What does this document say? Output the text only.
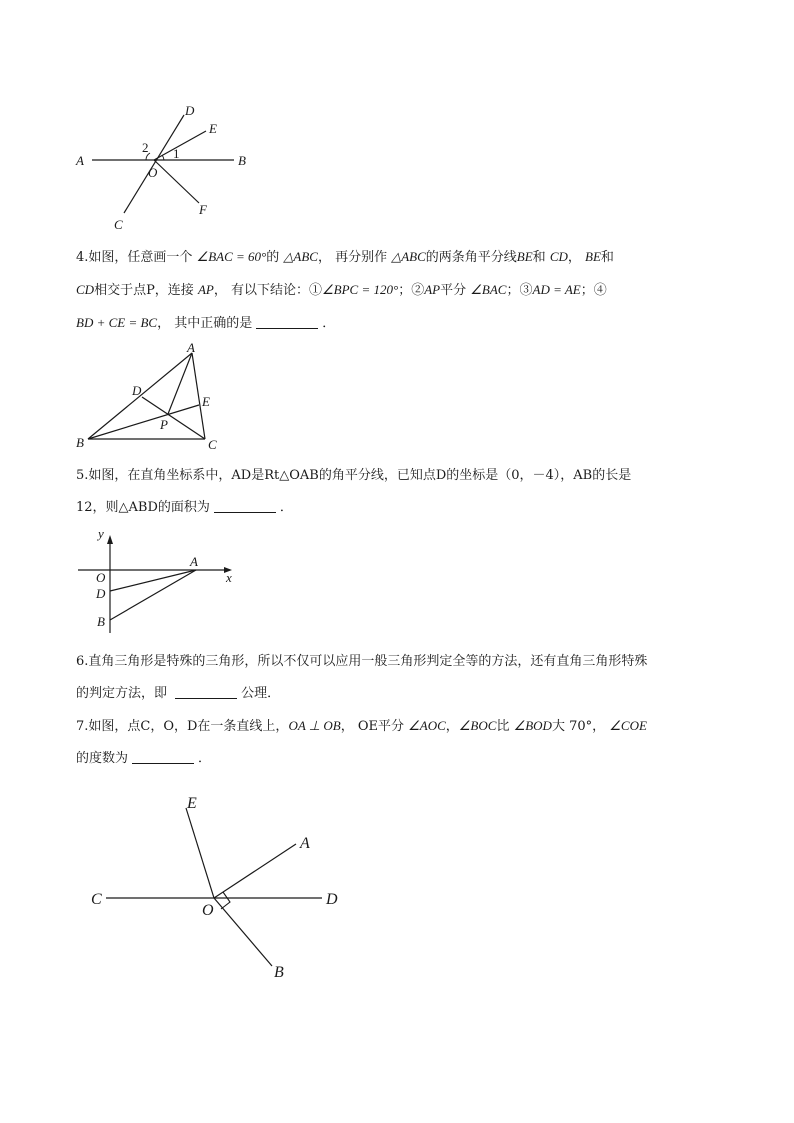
A	B
C
D
E
F
O
1
2

4.如图，任意画一个 ∠BAC = 60°的 △ABC， 再分别作 △ABC的两条角平分线BE和 CD， BE和
CD相交于点P，连接 AP， 有以下结论：①∠BPC = 120°；②AP平分 ∠BAC；③AD = AE；④
BD + CE = BC， 其中正确的是	．

A
B	C
D
E
P

5.如图，在直角坐标系中，AD是Rt△OAB的角平分线，已知点D的坐标是（0，－4），AB的长是
12，则△ABD的面积为	．

y
x
O
A
D
B

6.直角三角形是特殊的三角形，所以不仅可以应用一般三角形判定全等的方法，还有直角三角形特殊
的判定方法，即	公理．

7.如图，点C，O，D在一条直线上，OA ⊥ OB， OE平分 ∠AOC，∠BOC比 ∠BOD大 70°， ∠COE
的度数为	．

E
A
C
O
D
B
